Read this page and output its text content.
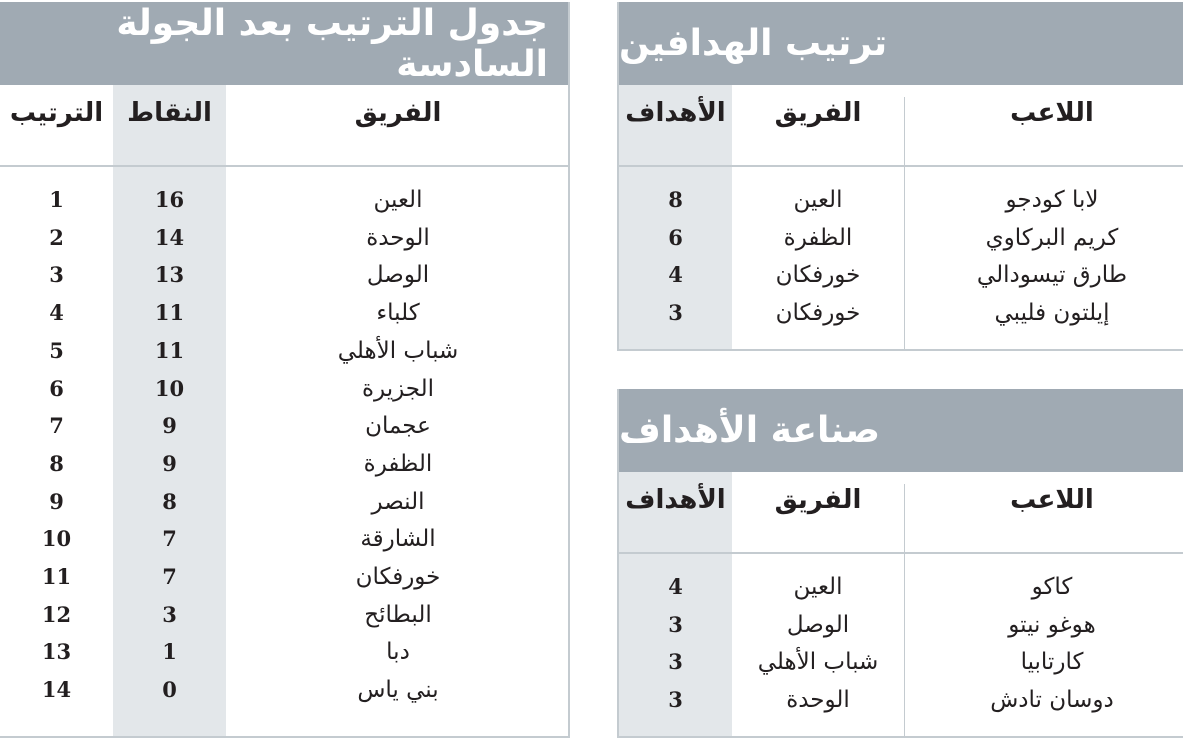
جدول الترتيب بعد الجولة السادسة
الفريق
النقاط
الترتيب
العين
16
1
الوحدة
14
2
الوصل
13
3
كلباء
11
4
شباب الأهلي
11
5
الجزيرة
10
6
عجمان
9
7
الظفرة
9
8
النصر
8
9
الشارقة
7
10
خورفكان
7
11
البطائح
3
12
دبا
1
13
بني ياس
0
14
ترتيب الهدافين
اللاعب
الفريق
الأهداف
لابا كودجو
العين
8
كريم البركاوي
الظفرة
6
طارق تيسودالي
خورفكان
4
إيلتون فليبي
خورفكان
3
صناعة الأهداف
اللاعب
الفريق
الأهداف
كاكو
العين
4
هوغو نيتو
الوصل
3
كارتابيا
شباب الأهلي
3
دوسان تادش
الوحدة
3
